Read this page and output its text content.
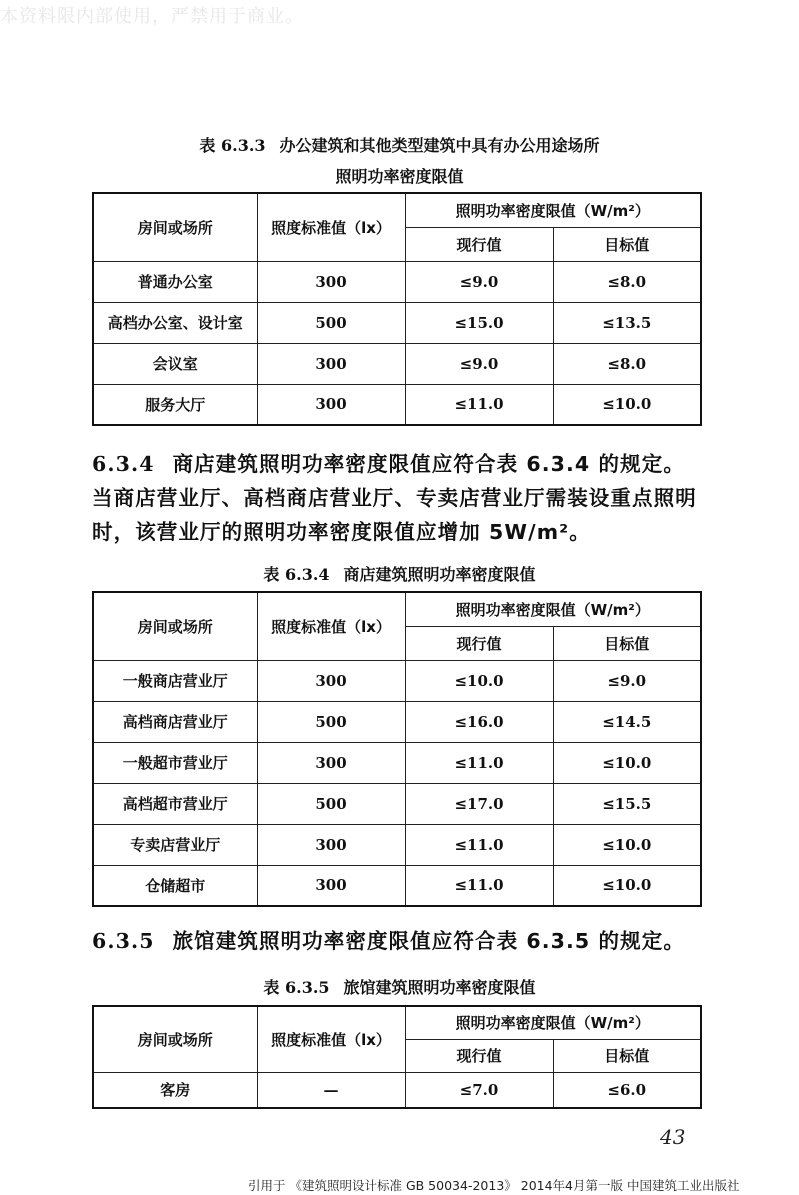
本资料限内部使用，严禁用于商业。
表 6.3.3 办公建筑和其他类型建筑中具有办公用途场所
照明功率密度限值
房间或场所	照度标准值（lx）	照明功率密度限值（W/m²）	
		现行值	目标值
普通办公室	300	≤9.0	≤8.0
高档办公室、设计室	500	≤15.0	≤13.5
会议室	300	≤9.0	≤8.0
服务大厅	300	≤11.0	≤10.0
6.3.4 商店建筑照明功率密度限值应符合表 6.3.4 的规定。当商店营业厅、高档商店营业厅、专卖店营业厅需装设重点照明时，该营业厅的照明功率密度限值应增加 5W/m²。
表 6.3.4 商店建筑照明功率密度限值
房间或场所	照度标准值（lx）	照明功率密度限值（W/m²）	
		现行值	目标值
一般商店营业厅	300	≤10.0	≤9.0
高档商店营业厅	500	≤16.0	≤14.5
一般超市营业厅	300	≤11.0	≤10.0
高档超市营业厅	500	≤17.0	≤15.5
专卖店营业厅	300	≤11.0	≤10.0
仓储超市	300	≤11.0	≤10.0
6.3.5 旅馆建筑照明功率密度限值应符合表 6.3.5 的规定。
表 6.3.5 旅馆建筑照明功率密度限值
房间或场所	照度标准值（lx）	照明功率密度限值（W/m²）	
		现行值	目标值
客房	—	≤7.0	≤6.0
43
引用于 《建筑照明设计标准 GB 50034-2013》 2014年4月第一版 中国建筑工业出版社
